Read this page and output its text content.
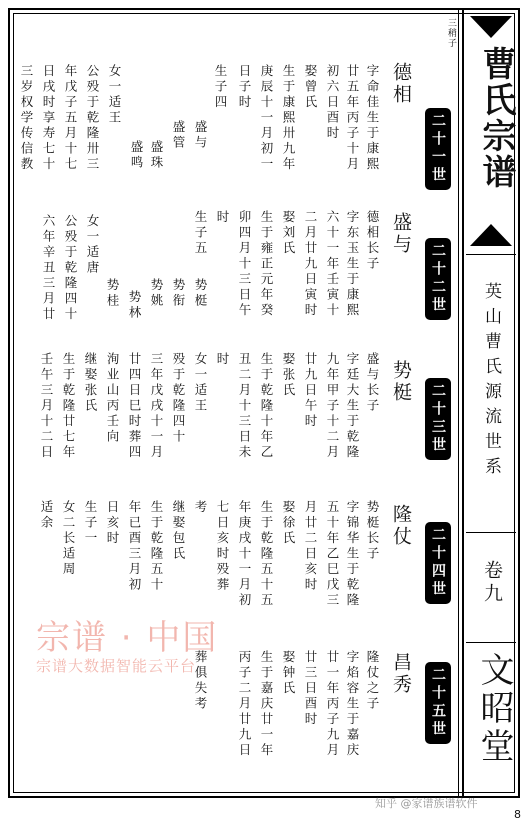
曹氏宗谱
英山曹氏源流世系
卷九
文昭堂
三稍子
二十一世
二十二世
二十三世
二十四世
二十五世
德相
盛与
势梃
隆仗
昌秀
字命佳生于康熙
廿五年丙子十月
初六日酉时
娶曾氏
生于康熙卅九年
庚辰十一月初一
日子时
生子四
盛与
盛管
盛珠
盛鸣
女一适王
公殁于乾隆卅三
年戊子五月十七
日戌时享寿七十
三岁权学传信教
德相长子
字东玉生于康熙
六十一年壬寅十
二月廿九日寅时
娶刘氏
生于雍正元年癸
卯四月十三日午
时
生子五
势梃
势衔
势姚
势林
势桂
女一适唐
公殁于乾隆四十
六年辛丑三月廿
盛与长子
字廷大生于乾隆
九年甲子十二月
廿九日午时
娶张氏
生于乾隆十年乙
丑二月十三日未
时
女一适王
殁于乾隆四十
三年戊戌十一月
廿四日巳时葬四
洵业山丙壬向
继娶张氏
生于乾隆廿七年
壬午三月十二日
势梃长子
字锦华生于乾隆
五十年乙巳戊三
月廿二日亥时
娶徐氏
生于乾隆五十五
年庚戌十一月初
七日亥时殁葬
考
继娶包氏
生于乾隆五十
年已酉三月初
日亥时
生子一
女二长适周
适余
隆仗之子
字焰容生于嘉庆
廿一年丙子九月
廿三日酉时
娶钟氏
生于嘉庆廿一年
丙子二月廿九日
葬俱失考
宗谱 · 中国
宗谱大数据智能云平台
知乎 @家谱族谱软件
8
